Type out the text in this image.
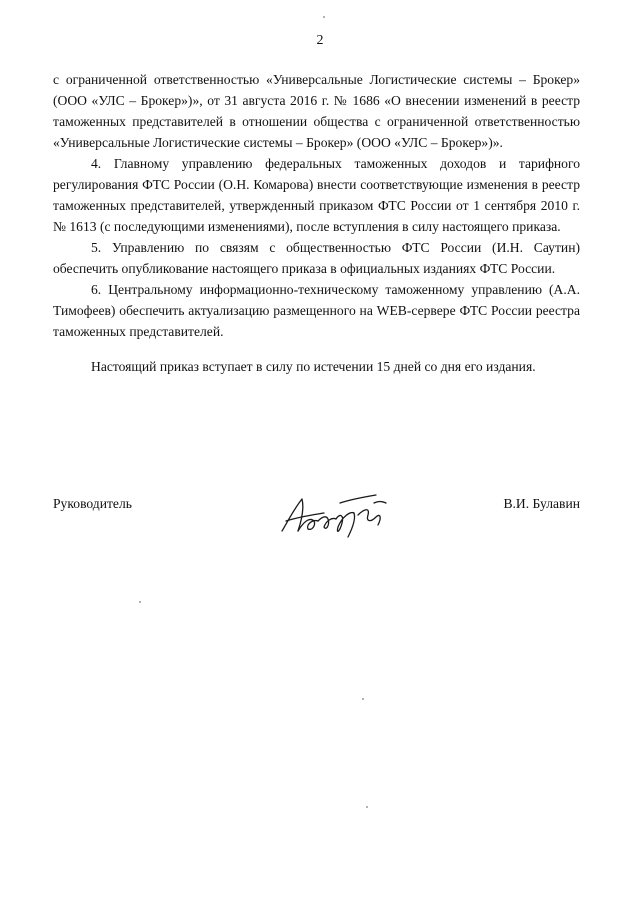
2

с ограниченной ответственностью «Универсальные Логистические системы – Брокер» (ООО «УЛС – Брокер»)», от 31 августа 2016 г. № 1686 «О внесении изменений в реестр таможенных представителей в отношении общества с ограниченной ответственностью «Универсальные Логистические системы – Брокер» (ООО «УЛС – Брокер»)».

4. Главному управлению федеральных таможенных доходов и тарифного регулирования ФТС России (О.Н. Комарова) внести соответствующие изменения в реестр таможенных представителей, утвержденный приказом ФТС России от 1 сентября 2010 г. № 1613 (с последующими изменениями), после вступления в силу настоящего приказа.

5. Управлению по связям с общественностью ФТС России (И.Н. Саутин) обеспечить опубликование настоящего приказа в официальных изданиях ФТС России.

6. Центральному информационно-техническому таможенному управлению (А.А. Тимофеев) обеспечить актуализацию размещенного на WEB-сервере ФТС России реестра таможенных представителей.

Настоящий приказ вступает в силу по истечении 15 дней со дня его издания.

Руководитель	В.И. Булавин
